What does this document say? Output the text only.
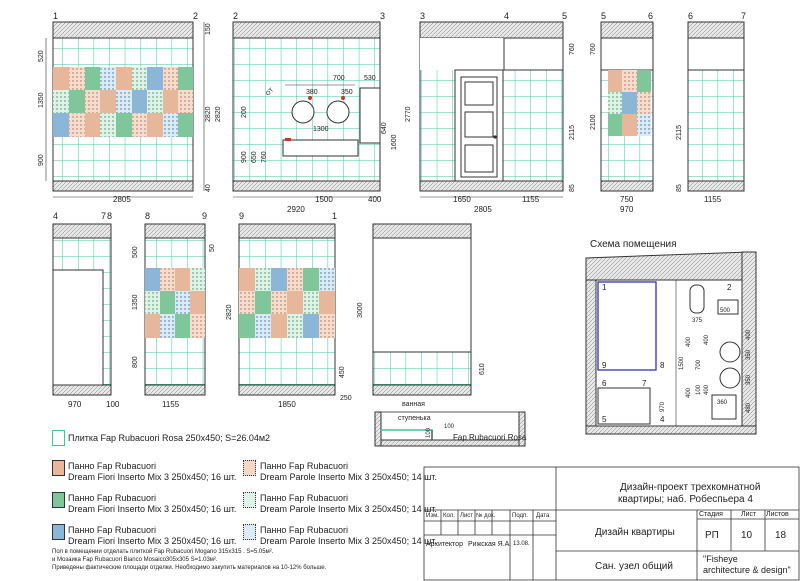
1	2
2805
520
1350
900
150
2820
40
2	3
700	530
380	350
ОТ
1300	640
1600
200
900 650 760
1500	400
2920
2820
3	4	5
1650	1155
2805
2770
760
2115
85
5	6
750
970
760
2100
6	7
1155
2115
85
4	7 8
970	100
8	9
1155
500
1350
800
50
9	1
1850
250
2820
450
3000
610
ванная
ступенька
Fap Rubacuori Rosa
100
100
Схема помещения
1	2
9	8
6	7
5	4
375
500
400
350
350
400
400
1500 700
100
400
400
480
970	360
Плитка Fap Rubacuori Rosa 250x450; S=26.04м2
Панно Fap Rubacuori
Dream Fiori Inserto Mix 3 250x450; 16 шт.
Панно Fap Rubacuori
Dream Fiori Inserto Mix 3 250x450; 16 шт.
Панно Fap Rubacuori
Dream Fiori Inserto Mix 3 250x450; 16 шт.
Панно Fap Rubacuori
Dream Parole Inserto Mix 3 250x450; 14 шт.
Панно Fap Rubacuori
Dream Parole Inserto Mix 3 250x450; 14 шт.
Панно Fap Rubacuori
Dream Parole Inserto Mix 3 250x450; 14 шт.
Пол в помещении отделать плиткой Fap Rubacuori Mogano 315x315 . S=5.05м².
и Мозаика Fap Rubacuori Bianco Mosaico305x305 S=1.03м².
Приведены фактические площади отделки. Необходимо закупить материалов на 10-12% больше.
Изм. Кол. Лист № док.	Подп. Дата
Архитектор Рижская Я.А. 13.08.
Дизайн-проект трехкомнатной
квартиры; наб. Робеспьера 4
Дизайн квартиры
Сан. узел общий
Стадия	Лист Листов
РП 10 18
"Fisheye
architecture & design"
